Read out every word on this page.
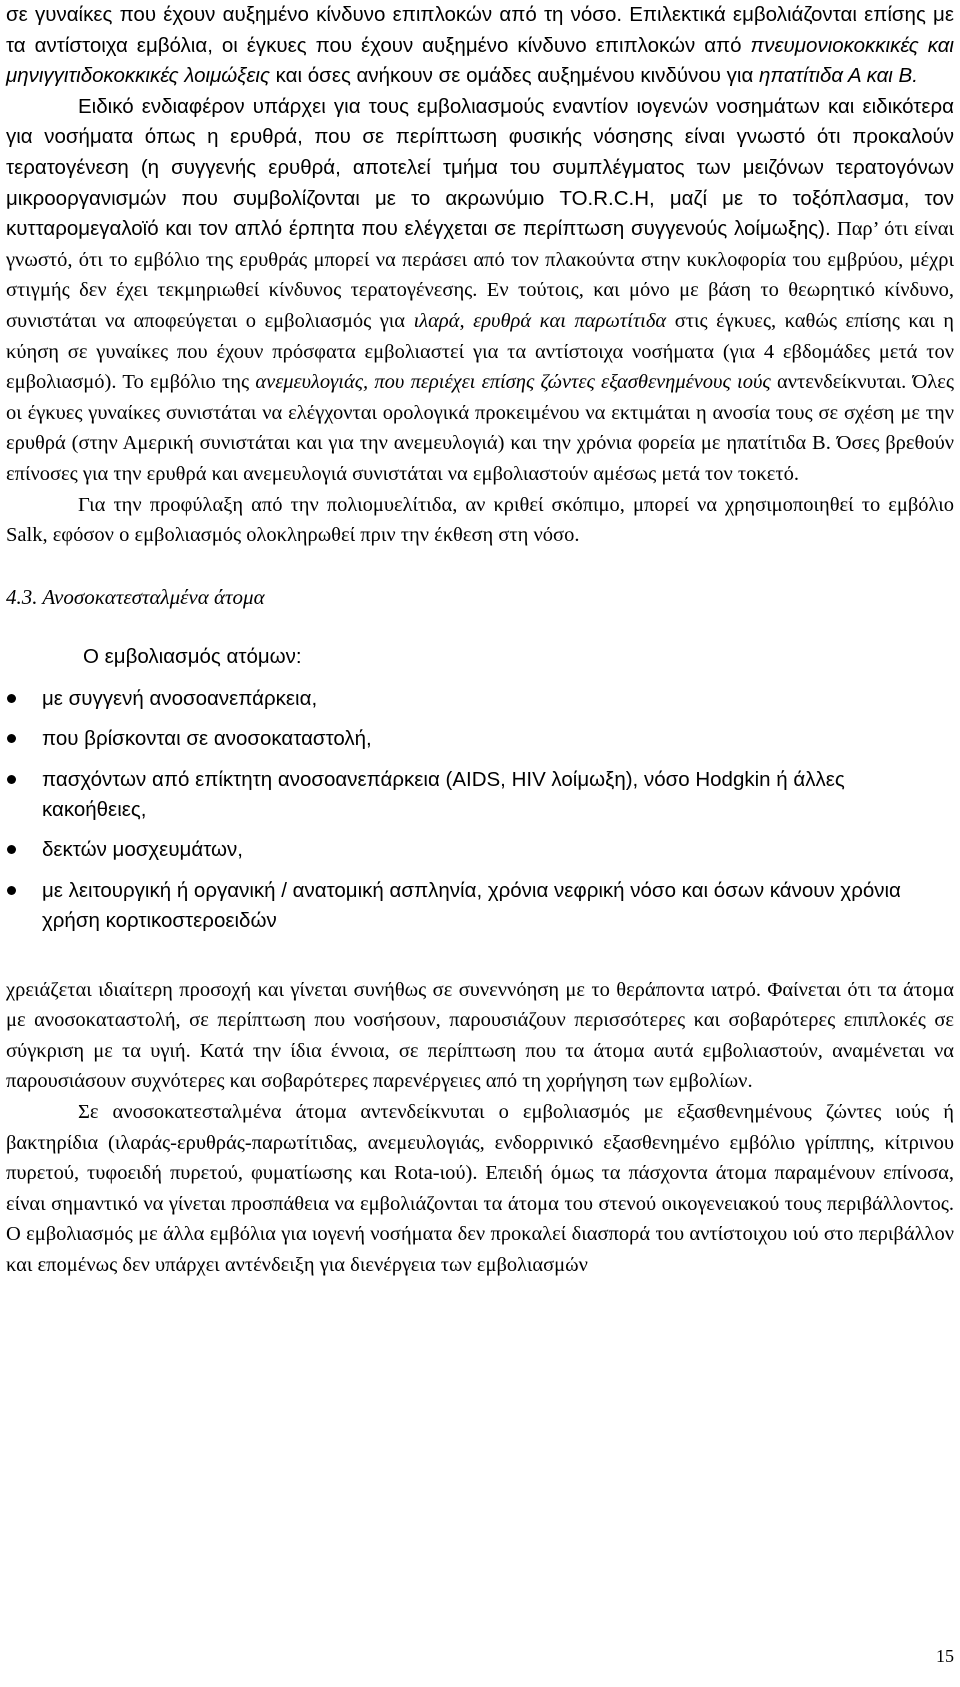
σε γυναίκες που έχουν αυξημένο κίνδυνο επιπλοκών από τη νόσο. Επιλεκτικά εμβολιάζονται επίσης με τα αντίστοιχα εμβόλια, οι έγκυες που έχουν αυξημένο κίνδυνο επιπλοκών από πνευμονιοκοκκικές και μηνιγγιτιδοκοκκικές λοιμώξεις και όσες ανήκουν σε ομάδες αυξημένου κινδύνου για ηπατίτιδα Α και Β.

Ειδικό ενδιαφέρον υπάρχει για τους εμβολιασμούς εναντίον ιογενών νοσημάτων και ειδικότερα για νοσήματα όπως η ερυθρά, που σε περίπτωση φυσικής νόσησης είναι γνωστό ότι προκαλούν τερατογένεση (η συγγενής ερυθρά, αποτελεί τμήμα του συμπλέγματος των μειζόνων τερατογόνων μικροοργανισμών που συμβολίζονται με το ακρωνύμιο TO.R.C.H, μαζί με το τοξόπλασμα, τον κυτταρομεγαλοϊό και τον απλό έρπητα που ελέγχεται σε περίπτωση συγγενούς λοίμωξης). Παρ’ ότι είναι γνωστό, ότι το εμβόλιο της ερυθράς μπορεί να περάσει από τον πλακούντα στην κυκλοφορία του εμβρύου, μέχρι στιγμής δεν έχει τεκμηριωθεί κίνδυνος τερατογένεσης. Εν τούτοις, και μόνο με βάση το θεωρητικό κίνδυνο, συνιστάται να αποφεύγεται ο εμβολιασμός για ιλαρά, ερυθρά και παρωτίτιδα στις έγκυες, καθώς επίσης και η κύηση σε γυναίκες που έχουν πρόσφατα εμβολιαστεί για τα αντίστοιχα νοσήματα (για 4 εβδομάδες μετά τον εμβολιασμό). Το εμβόλιο της ανεμευλογιάς, που περιέχει επίσης ζώντες εξασθενημένους ιούς αντενδείκνυται. Όλες οι έγκυες γυναίκες συνιστάται να ελέγχονται ορολογικά προκειμένου να εκτιμάται η ανοσία τους σε σχέση με την ερυθρά (στην Αμερική συνιστάται και για την ανεμευλογιά) και την χρόνια φορεία με ηπατίτιδα Β. Όσες βρεθούν επίνοσες για την ερυθρά και ανεμευλογιά συνιστάται να εμβολιαστούν αμέσως μετά τον τοκετό.

Για την προφύλαξη από την πολιομυελίτιδα, αν κριθεί σκόπιμο, μπορεί να χρησιμοποιηθεί το εμβόλιο Salk, εφόσον ο εμβολιασμός ολοκληρωθεί πριν την έκθεση στη νόσο.

4.3. Ανοσοκατεσταλμένα άτομα
Ο εμβολιασμός ατόμων:
με συγγενή ανοσοανεπάρκεια,
που βρίσκονται σε ανοσοκαταστολή,
πασχόντων από επίκτητη ανοσοανεπάρκεια (AIDS, HIV λοίμωξη), νόσο Hodgkin ή άλλες κακοήθειες,
δεκτών μοσχευμάτων,
με λειτουργική ή οργανική / ανατομική ασπληνία, χρόνια νεφρική νόσο και όσων κάνουν χρόνια χρήση κορτικοστεροειδών

χρειάζεται ιδιαίτερη προσοχή και γίνεται συνήθως σε συνεννόηση με το θεράποντα ιατρό. Φαίνεται ότι τα άτομα με ανοσοκαταστολή, σε περίπτωση που νοσήσουν, παρουσιάζουν περισσότερες και σοβαρότερες επιπλοκές σε σύγκριση με τα υγιή. Κατά την ίδια έννοια, σε περίπτωση που τα άτομα αυτά εμβολιαστούν, αναμένεται να παρουσιάσουν συχνότερες και σοβαρότερες παρενέργειες από τη χορήγηση των εμβολίων.

Σε ανοσοκατεσταλμένα άτομα αντενδείκνυται ο εμβολιασμός με εξασθενημένους ζώντες ιούς ή βακτηρίδια (ιλαράς-ερυθράς-παρωτίτιδας, ανεμευλογιάς, ενδορρινικό εξασθενημένο εμβόλιο γρίππης, κίτρινου πυρετού, τυφοειδή πυρετού, φυματίωσης και Rota-ιού). Επειδή όμως τα πάσχοντα άτομα παραμένουν επίνοσα, είναι σημαντικό να γίνεται προσπάθεια να εμβολιάζονται τα άτομα του στενού οικογενειακού τους περιβάλλοντος. Ο εμβολιασμός με άλλα εμβόλια για ιογενή νοσήματα δεν προκαλεί διασπορά του αντίστοιχου ιού στο περιβάλλον και επομένως δεν υπάρχει αντένδειξη για διενέργεια των εμβολιασμών

15
